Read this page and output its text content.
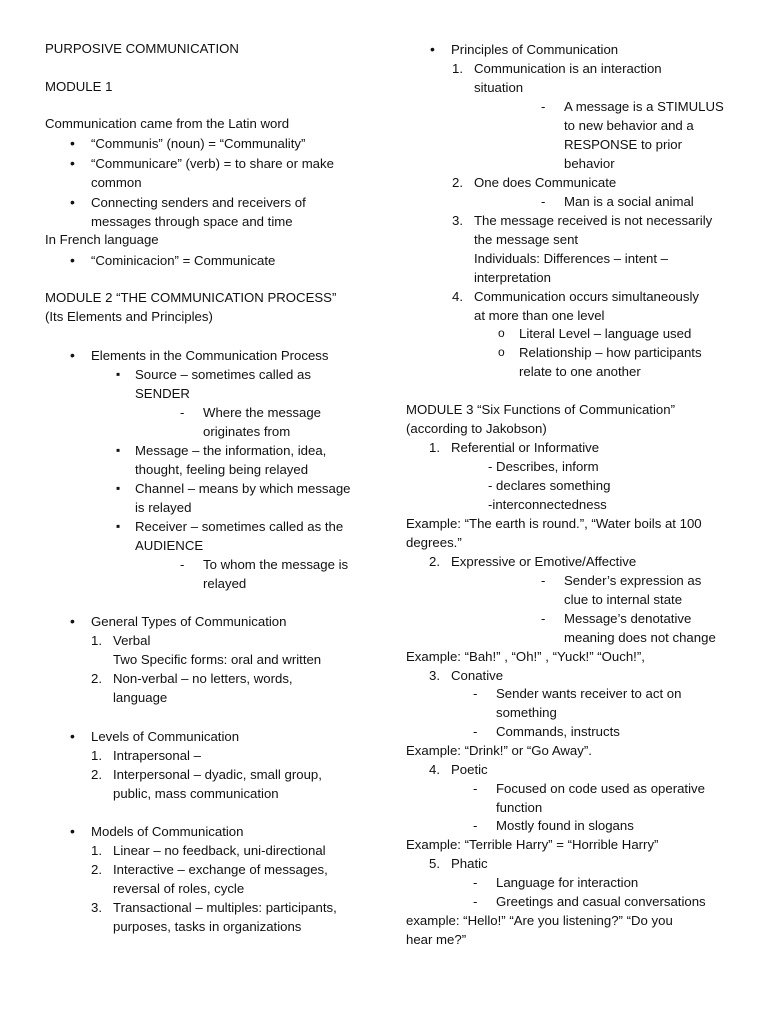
PURPOSIVE COMMUNICATION
MODULE 1
Communication came from the Latin word
• “Communis” (noun) = “Communality”
• “Communicare” (verb) = to share or make
common
• Connecting senders and receivers of
messages through space and time
In French language
• “Cominicacion” = Communicate
MODULE 2 “THE COMMUNICATION PROCESS”
(Its Elements and Principles)
• Elements in the Communication Process
▪ Source – sometimes called as
SENDER
- Where the message
originates from
▪ Message – the information, idea,
thought, feeling being relayed
▪ Channel – means by which message
is relayed
▪ Receiver – sometimes called as the
AUDIENCE
- To whom the message is
relayed
• General Types of Communication
1. Verbal
Two Specific forms: oral and written
2. Non-verbal – no letters, words,
language
• Levels of Communication
1. Intrapersonal –
2. Interpersonal – dyadic, small group,
public, mass communication
• Models of Communication
1. Linear – no feedback, uni-directional
2. Interactive – exchange of messages,
reversal of roles, cycle
3. Transactional – multiples: participants,
purposes, tasks in organizations
• Principles of Communication
1. Communication is an interaction
situation
- A message is a STIMULUS
to new behavior and a
RESPONSE to prior
behavior
2. One does Communicate
- Man is a social animal
3. The message received is not necessarily
the message sent
Individuals: Differences – intent –
interpretation
4. Communication occurs simultaneously
at more than one level
o Literal Level – language used
o Relationship – how participants
relate to one another
MODULE 3 “Six Functions of Communication”
(according to Jakobson)
1. Referential or Informative
- Describes, inform
- declares something
-interconnectedness
Example: “The earth is round.”, “Water boils at 100
degrees.”
2. Expressive or Emotive/Affective
- Sender’s expression as
clue to internal state
- Message’s denotative
meaning does not change
Example: “Bah!” , “Oh!” , “Yuck!” “Ouch!”,
3. Conative
- Sender wants receiver to act on
something
- Commands, instructs
Example: “Drink!” or “Go Away”.
4. Poetic
- Focused on code used as operative
function
- Mostly found in slogans
Example: “Terrible Harry” = “Horrible Harry”
5. Phatic
- Language for interaction
- Greetings and casual conversations
example: “Hello!” “Are you listening?” “Do you
hear me?”
